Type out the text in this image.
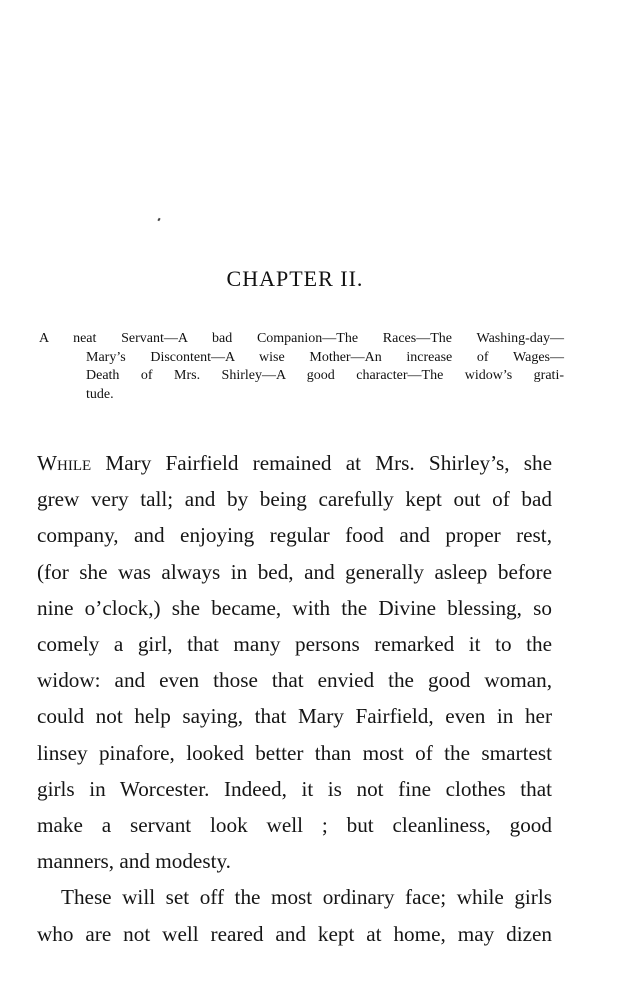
CHAPTER II.
A neat Servant—A bad Companion—The Races—The Washing-day—
Mary’s Discontent—A wise Mother—An increase of Wages—
Death of Mrs. Shirley—A good character—The widow’s grati-
tude.
While Mary Fairfield remained at Mrs. Shirley’s, she
grew very tall; and by being carefully kept out of bad
company, and enjoying regular food and proper rest,
(for she was always in bed, and generally asleep before
nine o’clock,) she became, with the Divine blessing, so
comely a girl, that many persons remarked it to the
widow: and even those that envied the good woman,
could not help saying, that Mary Fairfield, even in her
linsey pinafore, looked better than most of the smartest
girls in Worcester. Indeed, it is not fine clothes that
make a servant look well ; but cleanliness, good
manners, and modesty.
These will set off the most ordinary face; while girls
who are not well reared and kept at home, may dizen
